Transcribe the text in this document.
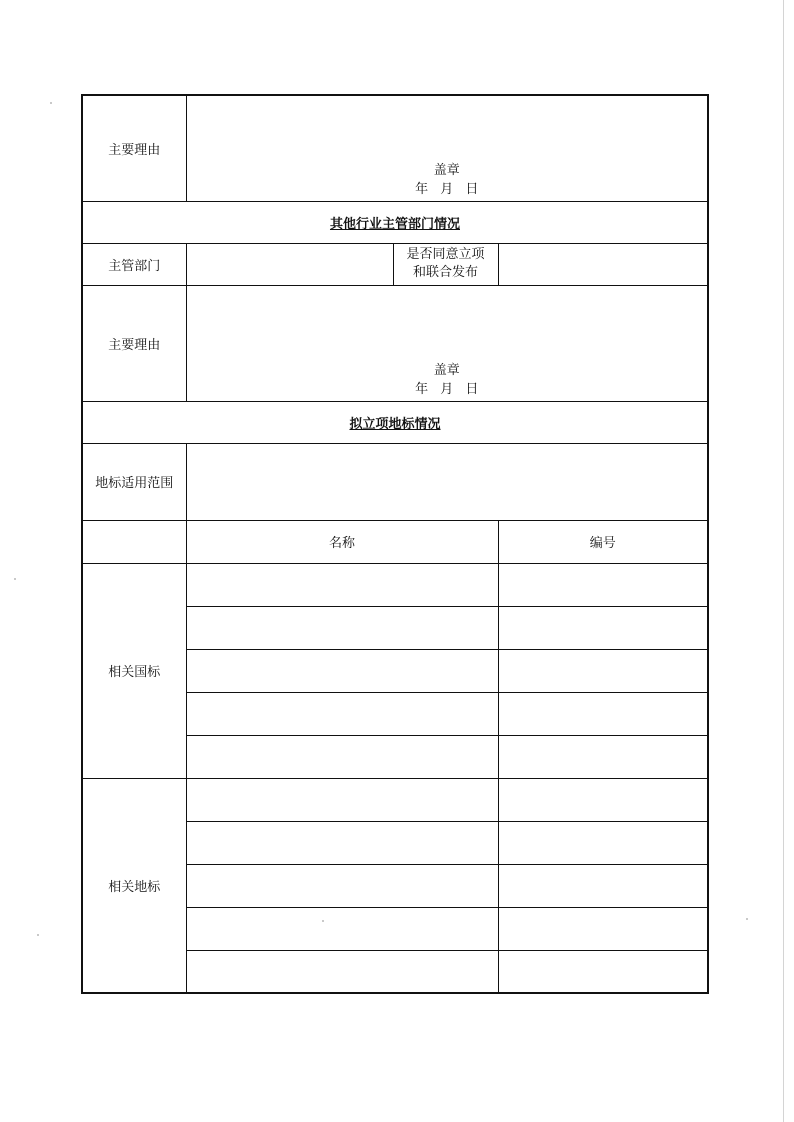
主要理由	盖章
年 月 日		

其他行业主管部门情况			
主管部门		是否同意立项
和联合发布	

主要理由	盖章
年 月 日		

拟立项地标情况			
地标适用范围			
	名称		编号
相关国标			

相关地标			
